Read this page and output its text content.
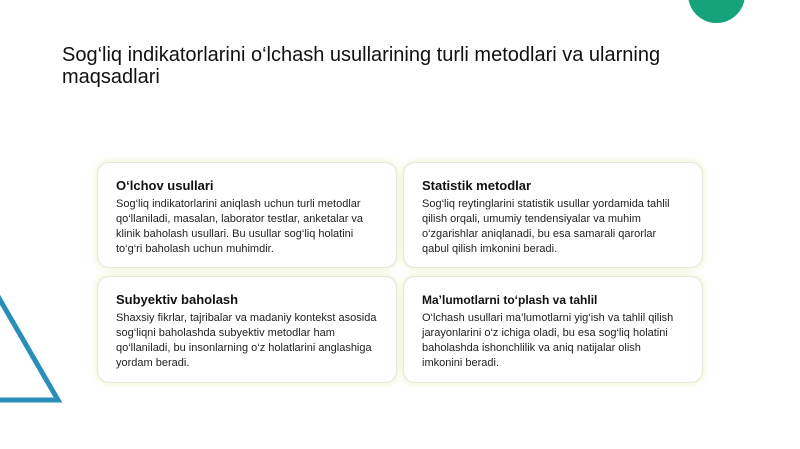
Sog‘liq indikatorlarini o‘lchash usullarining turli metodlari va ularning maqsadlari
O‘lchov usullari

Sog‘liq indikatorlarini aniqlash uchun turli metodlar qo‘llaniladi, masalan, laborator testlar, anketalar va klinik baholash usullari. Bu usullar sog‘liq holatini to‘g‘ri baholash uchun muhimdir.

Statistik metodlar

Sog‘liq reytinglarini statistik usullar yordamida tahlil qilish orqali, umumiy tendensiyalar va muhim o‘zgarishlar aniqlanadi, bu esa samarali qarorlar qabul qilish imkonini beradi.

Subyektiv baholash

Shaxsiy fikrlar, tajribalar va madaniy kontekst asosida sog‘liqni baholashda subyektiv metodlar ham qo‘llaniladi, bu insonlarning o‘z holatlarini anglashiga yordam beradi.

Ma’lumotlarni to‘plash va tahlil

O‘lchash usullari ma’lumotlarni yig‘ish va tahlil qilish jarayonlarini o‘z ichiga oladi, bu esa sog‘liq holatini baholashda ishonchlilik va aniq natijalar olish imkonini beradi.
